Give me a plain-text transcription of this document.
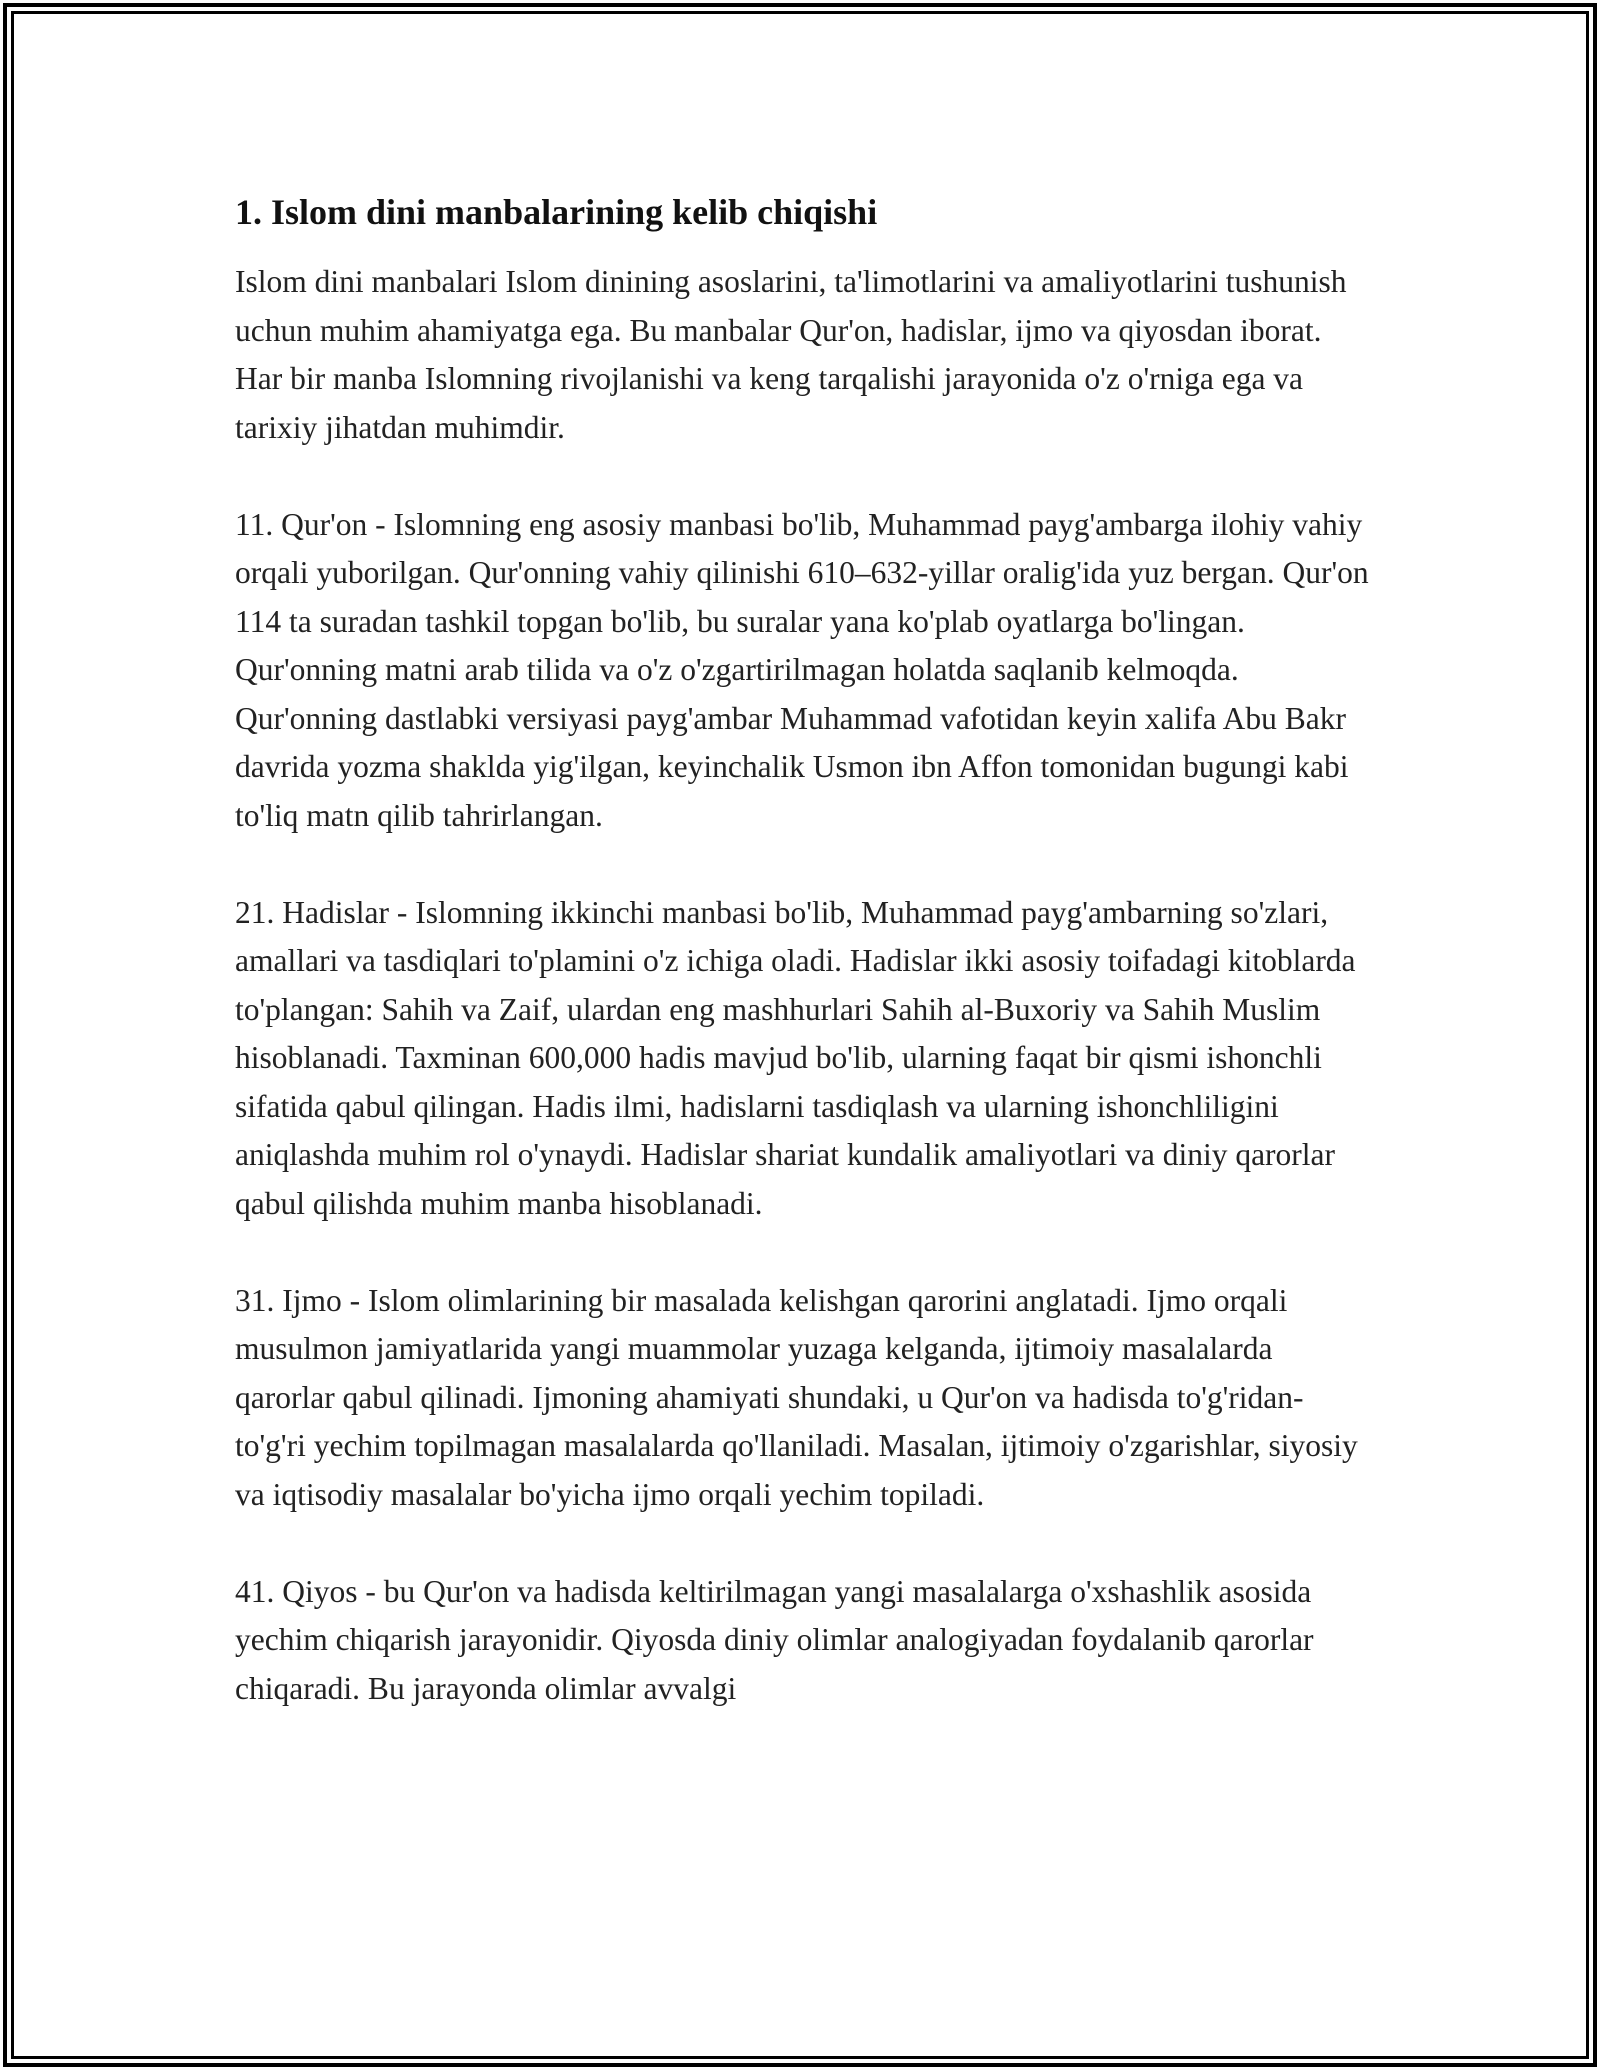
1. Islom dini manbalarining kelib chiqishi

Islom dini manbalari Islom dinining asoslarini, ta'limotlarini va amaliyotlarini tushunish uchun muhim ahamiyatga ega. Bu manbalar Qur'on, hadislar, ijmo va qiyosdan iborat. Har bir manba Islomning rivojlanishi va keng tarqalishi jarayonida o'z o'rniga ega va tarixiy jihatdan muhimdir.

11. Qur'on - Islomning eng asosiy manbasi bo'lib, Muhammad payg'ambarga ilohiy vahiy orqali yuborilgan. Qur'onning vahiy qilinishi 610–632-yillar oralig'ida yuz bergan. Qur'on 114 ta suradan tashkil topgan bo'lib, bu suralar yana ko'plab oyatlarga bo'lingan. Qur'onning matni arab tilida va o'z o'zgartirilmagan holatda saqlanib kelmoqda. Qur'onning dastlabki versiyasi payg'ambar Muhammad vafotidan keyin xalifa Abu Bakr davrida yozma shaklda yig'ilgan, keyinchalik Usmon ibn Affon tomonidan bugungi kabi to'liq matn qilib tahrirlangan.

21. Hadislar - Islomning ikkinchi manbasi bo'lib, Muhammad payg'ambarning so'zlari, amallari va tasdiqlari to'plamini o'z ichiga oladi. Hadislar ikki asosiy toifadagi kitoblarda to'plangan: Sahih va Zaif, ulardan eng mashhurlari Sahih al-Buxoriy va Sahih Muslim hisoblanadi. Taxminan 600,000 hadis mavjud bo'lib, ularning faqat bir qismi ishonchli sifatida qabul qilingan. Hadis ilmi, hadislarni tasdiqlash va ularning ishonchliligini aniqlashda muhim rol o'ynaydi. Hadislar shariat kundalik amaliyotlari va diniy qarorlar qabul qilishda muhim manba hisoblanadi.

31. Ijmo - Islom olimlarining bir masalada kelishgan qarorini anglatadi. Ijmo orqali musulmon jamiyatlarida yangi muammolar yuzaga kelganda, ijtimoiy masalalarda qarorlar qabul qilinadi. Ijmoning ahamiyati shundaki, u Qur'on va hadisda to'g'ridan-to'g'ri yechim topilmagan masalalarda qo'llaniladi. Masalan, ijtimoiy o'zgarishlar, siyosiy va iqtisodiy masalalar bo'yicha ijmo orqali yechim topiladi.

41. Qiyos - bu Qur'on va hadisda keltirilmagan yangi masalalarga o'xshashlik asosida yechim chiqarish jarayonidir. Qiyosda diniy olimlar analogiyadan foydalanib qarorlar chiqaradi. Bu jarayonda olimlar avvalgi
